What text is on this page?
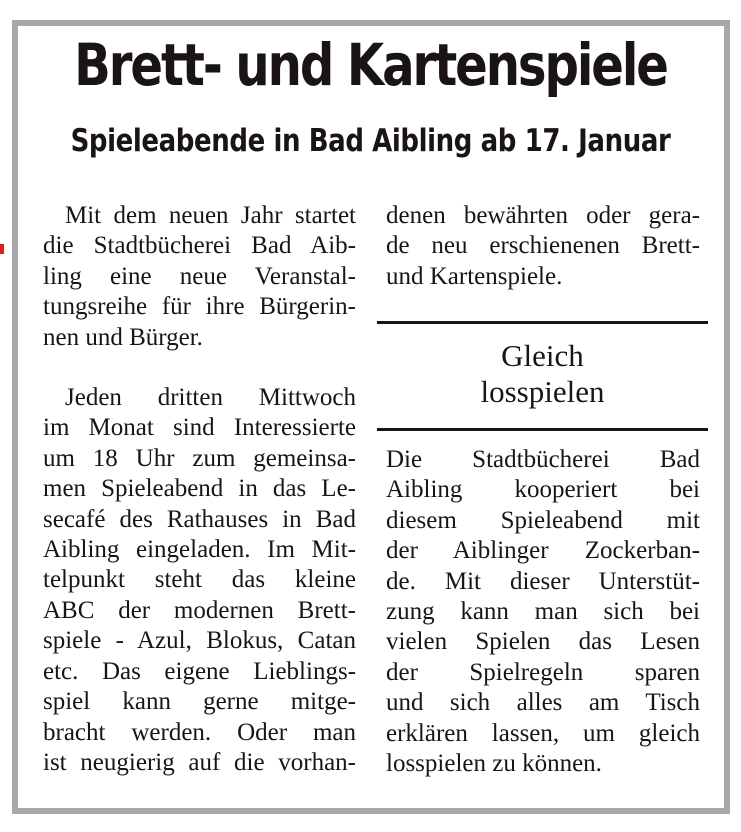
Brett- und Kartenspiele
Spieleabende in Bad Aibling ab 17. Januar

Mit dem neuen Jahr startet
die Stadtbücherei Bad Aib-
ling eine neue Veranstal-
tungsreihe für ihre Bürgerin-
nen und Bürger.

Jeden dritten Mittwoch
im Monat sind Interessierte
um 18 Uhr zum gemeinsa-
men Spieleabend in das Le-
secafé des Rathauses in Bad
Aibling eingeladen. Im Mit-
telpunkt steht das kleine
ABC der modernen Brett-
spiele - Azul, Blokus, Catan
etc. Das eigene Lieblings-
spiel kann gerne mitge-
bracht werden. Oder man
ist neugierig auf die vorhan-

denen bewährten oder gera-
de neu erschienenen Brett-
und Kartenspiele.

Gleich
losspielen

Die Stadtbücherei Bad
Aibling kooperiert bei
diesem Spieleabend mit
der Aiblinger Zockerban-
de. Mit dieser Unterstüt-
zung kann man sich bei
vielen Spielen das Lesen
der Spielregeln sparen
und sich alles am Tisch
erklären lassen, um gleich
losspielen zu können.
